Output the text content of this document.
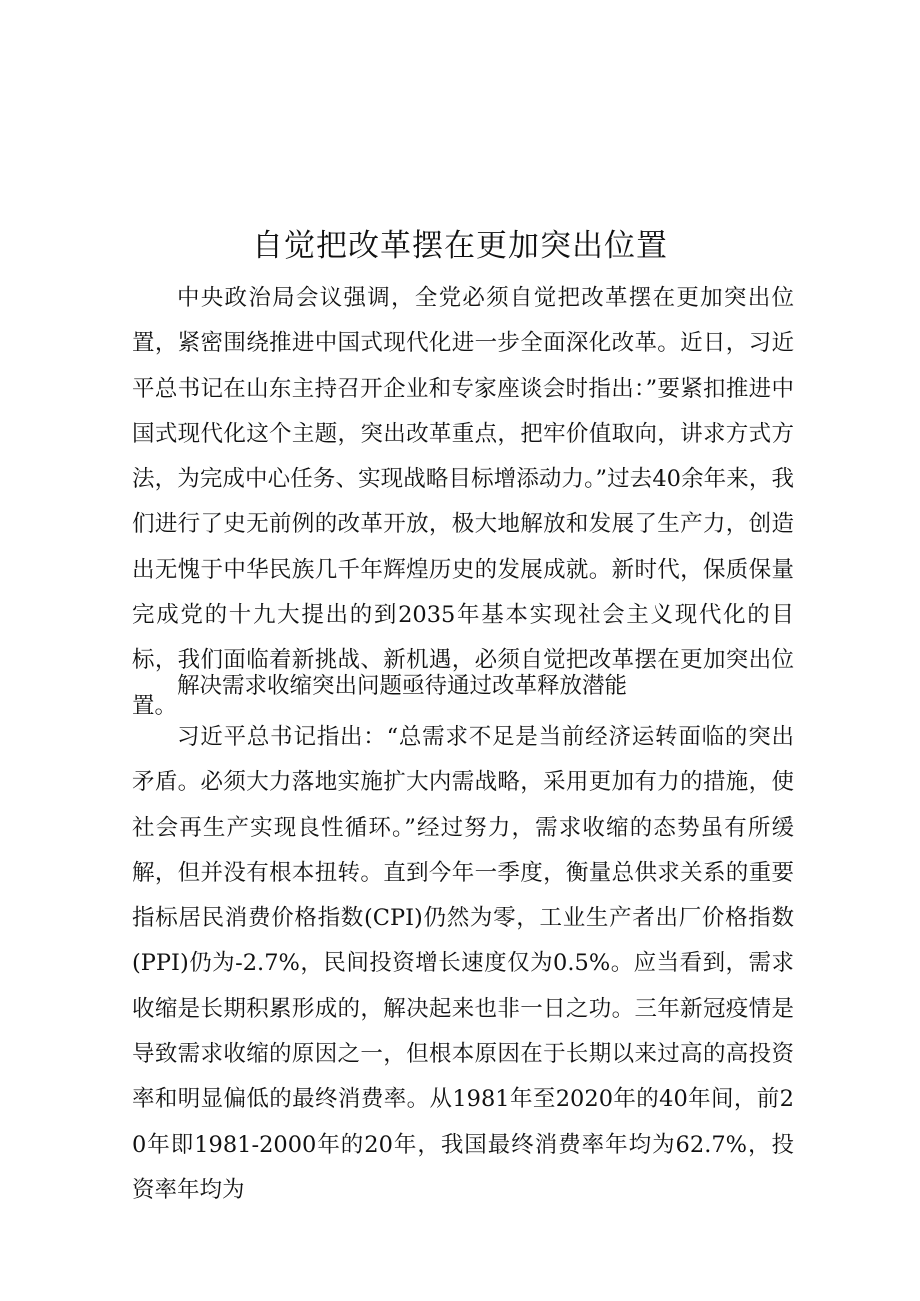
自觉把改革摆在更加突出位置

中央政治局会议强调，全党必须自觉把改革摆在更加突出位置，紧密围绕推进中国式现代化进一步全面深化改革。近日，习近平总书记在山东主持召开企业和专家座谈会时指出：”要紧扣推进中国式现代化这个主题，突出改革重点，把牢价值取向，讲求方式方法，为完成中心任务、实现战略目标增添动力。”过去40余年来，我们进行了史无前例的改革开放，极大地解放和发展了生产力，创造出无愧于中华民族几千年辉煌历史的发展成就。新时代，保质保量完成党的十九大提出的到2035年基本实现社会主义现代化的目标，我们面临着新挑战、新机遇，必须自觉把改革摆在更加突出位置。

解决需求收缩突出问题亟待通过改革释放潜能

习近平总书记指出：“总需求不足是当前经济运转面临的突出矛盾。必须大力落地实施扩大内需战略，采用更加有力的措施，使社会再生产实现良性循环。”经过努力，需求收缩的态势虽有所缓解，但并没有根本扭转。直到今年一季度，衡量总供求关系的重要指标居民消费价格指数(CPI)仍然为零，工业生产者出厂价格指数(PPI)仍为-2.7%，民间投资增长速度仅为0.5%。应当看到，需求收缩是长期积累形成的，解决起来也非一日之功。三年新冠疫情是导致需求收缩的原因之一，但根本原因在于长期以来过高的高投资率和明显偏低的最终消费率。从1981年至2020年的40年间，前20年即1981-2000年的20年，我国最终消费率年均为62.7%，投资率年均为
